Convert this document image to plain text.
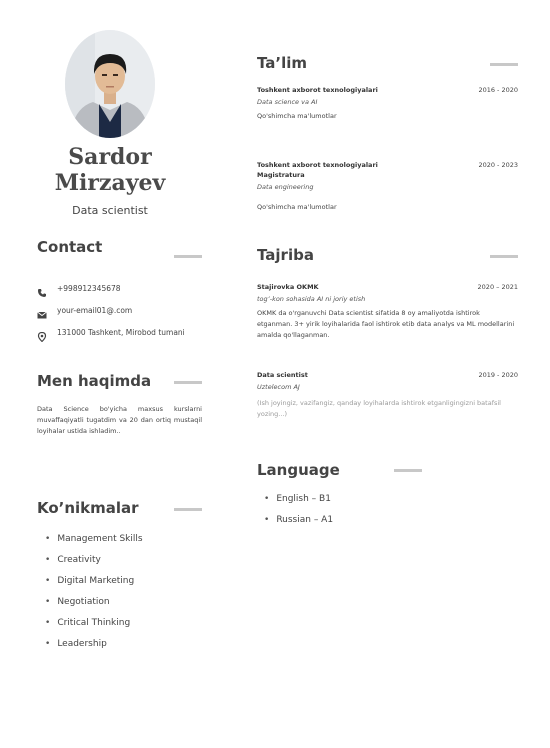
Sardor
Mirzayev
Data scientist
Contact
+998912345678
your-email01@.com
131000 Tashkent, Mirobod tumani
Men haqimda
Data Science bo'yicha maxsus kurslarni muvaffaqiyatli tugatdim va 20 dan ortiq mustaqil loyihalar ustida ishladim..
Ko’nikmalar
• Management Skills
• Creativity
• Digital Marketing
• Negotiation
• Critical Thinking
• Leadership
Ta’lim
Toshkent axborot texnologiyalari	2016 - 2020
Data science va AI
Qo'shimcha ma'lumotlar
Toshkent axborot texnologiyalari	2020 - 2023
Magistratura
Data engineering
Qo'shimcha ma'lumotlar
Tajriba
Stajirovka OKMK	2020 – 2021
tog’-kon sohasida AI ni joriy etish
OKMK da o'rganuvchi Data scientist sifatida 8 oy amaliyotda ishtirok etganman. 3+ yirik loyihalarida faol ishtirok etib data analys va ML modellarini amalda qo'llaganman.
Data scientist	2019 - 2020
Uztelecom AJ
(Ish joyingiz, vazifangiz, qanday loyihalarda ishtirok etganligingizni batafsil yozing...)
Language
• English – B1
• Russian – A1
